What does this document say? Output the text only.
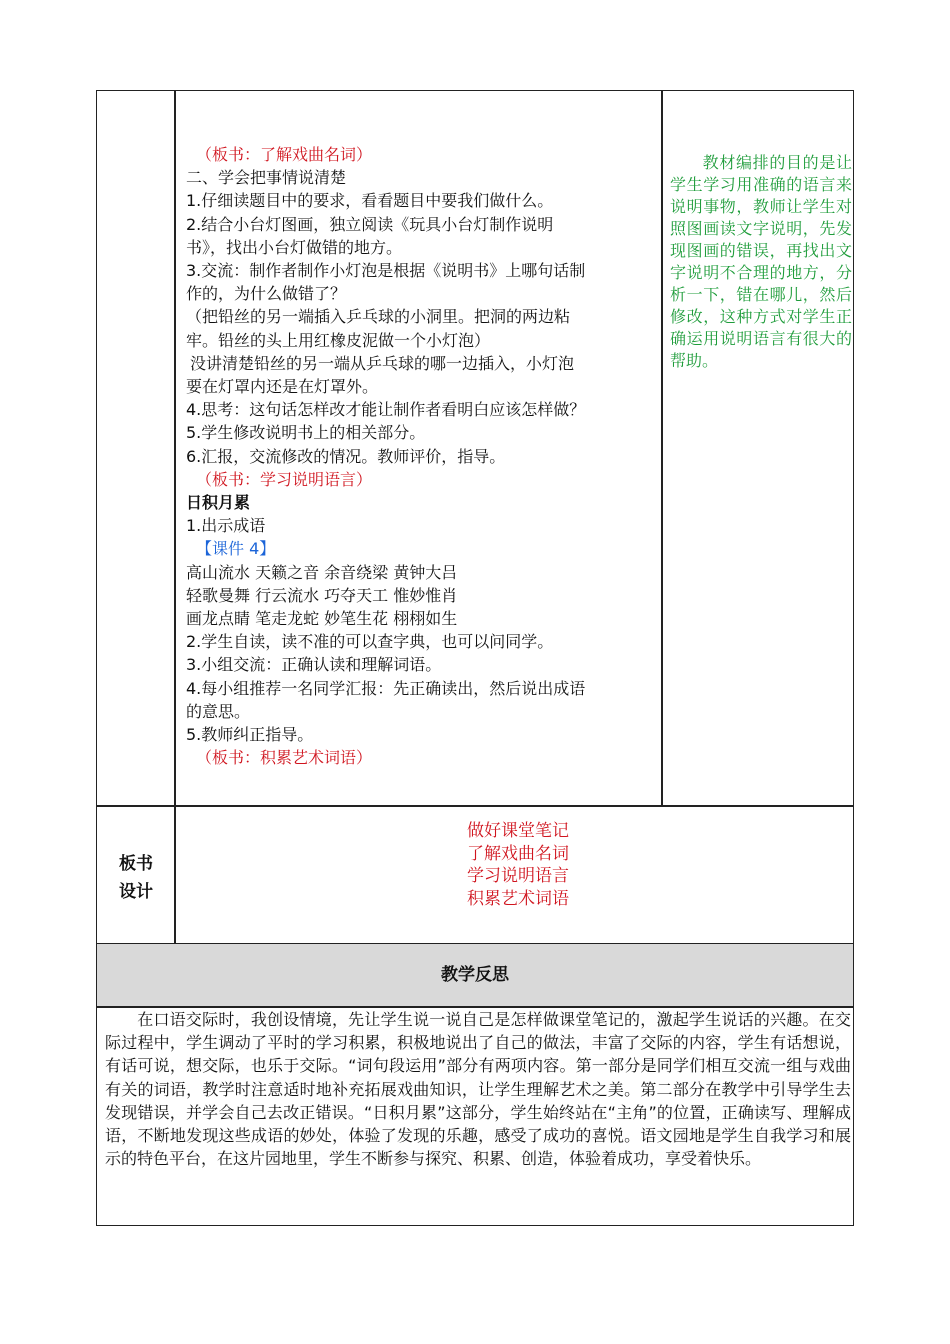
（板书：了解戏曲名词）
二、学会把事情说清楚
1.仔细读题目中的要求，看看题目中要我们做什么。
2.结合小台灯图画，独立阅读《玩具小台灯制作说明
书》，找出小台灯做错的地方。
3.交流：制作者制作小灯泡是根据《说明书》上哪句话制
作的，为什么做错了？
（把铅丝的另一端插入乒乓球的小洞里。把洞的两边粘
牢。铅丝的头上用红橡皮泥做一个小灯泡）
没讲清楚铅丝的另一端从乒乓球的哪一边插入，小灯泡
要在灯罩内还是在灯罩外。
4.思考：这句话怎样改才能让制作者看明白应该怎样做？
5.学生修改说明书上的相关部分。
6.汇报，交流修改的情况。教师评价，指导。
（板书：学习说明语言）
日积月累
1.出示成语
【课件 4】
高山流水 天籁之音 余音绕梁 黄钟大吕
轻歌曼舞 行云流水 巧夺天工 惟妙惟肖
画龙点睛 笔走龙蛇 妙笔生花 栩栩如生
2.学生自读，读不准的可以查字典，也可以问同学。
3.小组交流：正确认读和理解词语。
4.每小组推荐一名同学汇报：先正确读出，然后说出成语
的意思。
5.教师纠正指导。
（板书：积累艺术词语）
教材编排的目的是让学生学习用准确的语言来说明事物，教师让学生对照图画读文字说明，先发现图画的错误，再找出文字说明不合理的地方，分析一下，错在哪儿，然后修改，这种方式对学生正确运用说明语言有很大的帮助。
板书
设计
做好课堂笔记
了解戏曲名词
学习说明语言
积累艺术词语
教学反思
在口语交际时，我创设情境，先让学生说一说自己是怎样做课堂笔记的，激起学生说话的兴趣。在交际过程中，学生调动了平时的学习积累，积极地说出了自己的做法，丰富了交际的内容，学生有话想说，有话可说，想交际，也乐于交际。“词句段运用”部分有两项内容。第一部分是同学们相互交流一组与戏曲有关的词语，教学时注意适时地补充拓展戏曲知识，让学生理解艺术之美。第二部分在教学中引导学生去发现错误，并学会自己去改正错误。“日积月累”这部分，学生始终站在“主角”的位置，正确读写、理解成语，不断地发现这些成语的妙处，体验了发现的乐趣，感受了成功的喜悦。语文园地是学生自我学习和展示的特色平台，在这片园地里，学生不断参与探究、积累、创造，体验着成功，享受着快乐。
